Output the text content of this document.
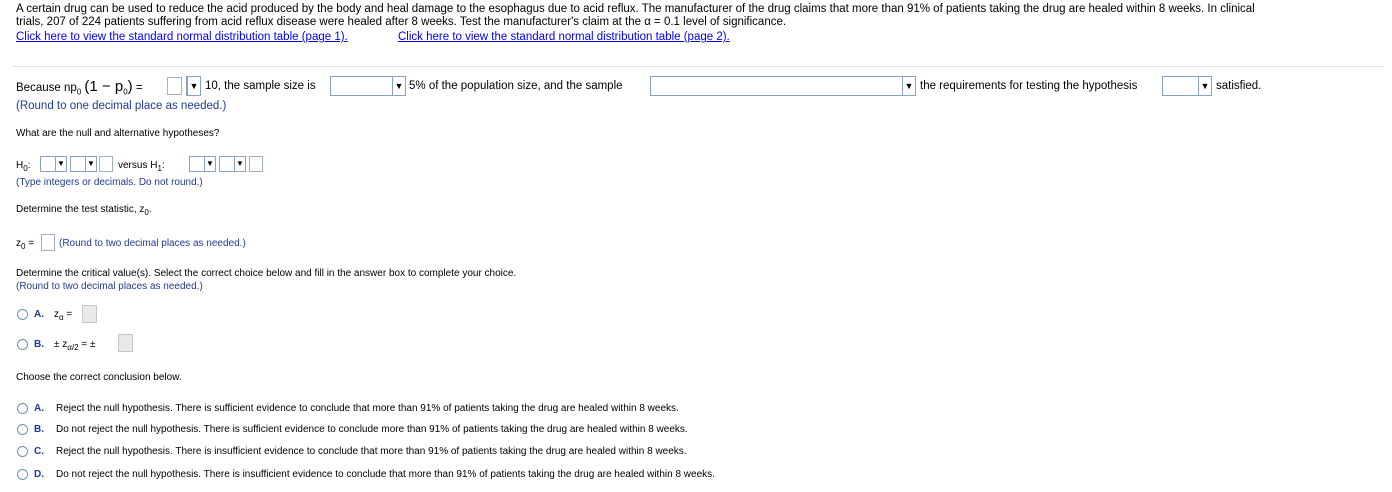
A certain drug can be used to reduce the acid produced by the body and heal damage to the esophagus due to acid reflux. The manufacturer of the drug claims that more than 91% of patients taking the drug are healed within 8 weeks. In clinical
trials, 207 of 224 patients suffering from acid reflux disease were healed after 8 weeks. Test the manufacturer's claim at the α = 0.1 level of significance.
Click here to view the standard normal distribution table (page 1).	Click here to view the standard normal distribution table (page 2).
Because $np_0$ $(1 - p_0)$ =	▼ 10, the sample size is	▼ 5% of the population size, and the sample	▼ the requirements for testing the hypothesis	▼ satisfied.
(Round to one decimal place as needed.)
What are the null and alternative hypotheses?
$H_0$:	▼	▼ versus $H_1$:	▼	▼
(Type integers or decimals. Do not round.)
Determine the test statistic, $z_0$.
$z_0$ = (Round to two decimal places as needed.)
Determine the critical value(s). Select the correct choice below and fill in the answer box to complete your choice.
(Round to two decimal places as needed.)
A. $z_\alpha$ =
B. ± $z_{\alpha/2}$ = ±
Choose the correct conclusion below.
A. Reject the null hypothesis. There is sufficient evidence to conclude that more than 91% of patients taking the drug are healed within 8 weeks.
B. Do not reject the null hypothesis. There is sufficient evidence to conclude more than 91% of patients taking the drug are healed within 8 weeks.
C. Reject the null hypothesis. There is insufficient evidence to conclude that more than 91% of patients taking the drug are healed within 8 weeks.
D. Do not reject the null hypothesis. There is insufficient evidence to conclude that more than 91% of patients taking the drug are healed within 8 weeks.
